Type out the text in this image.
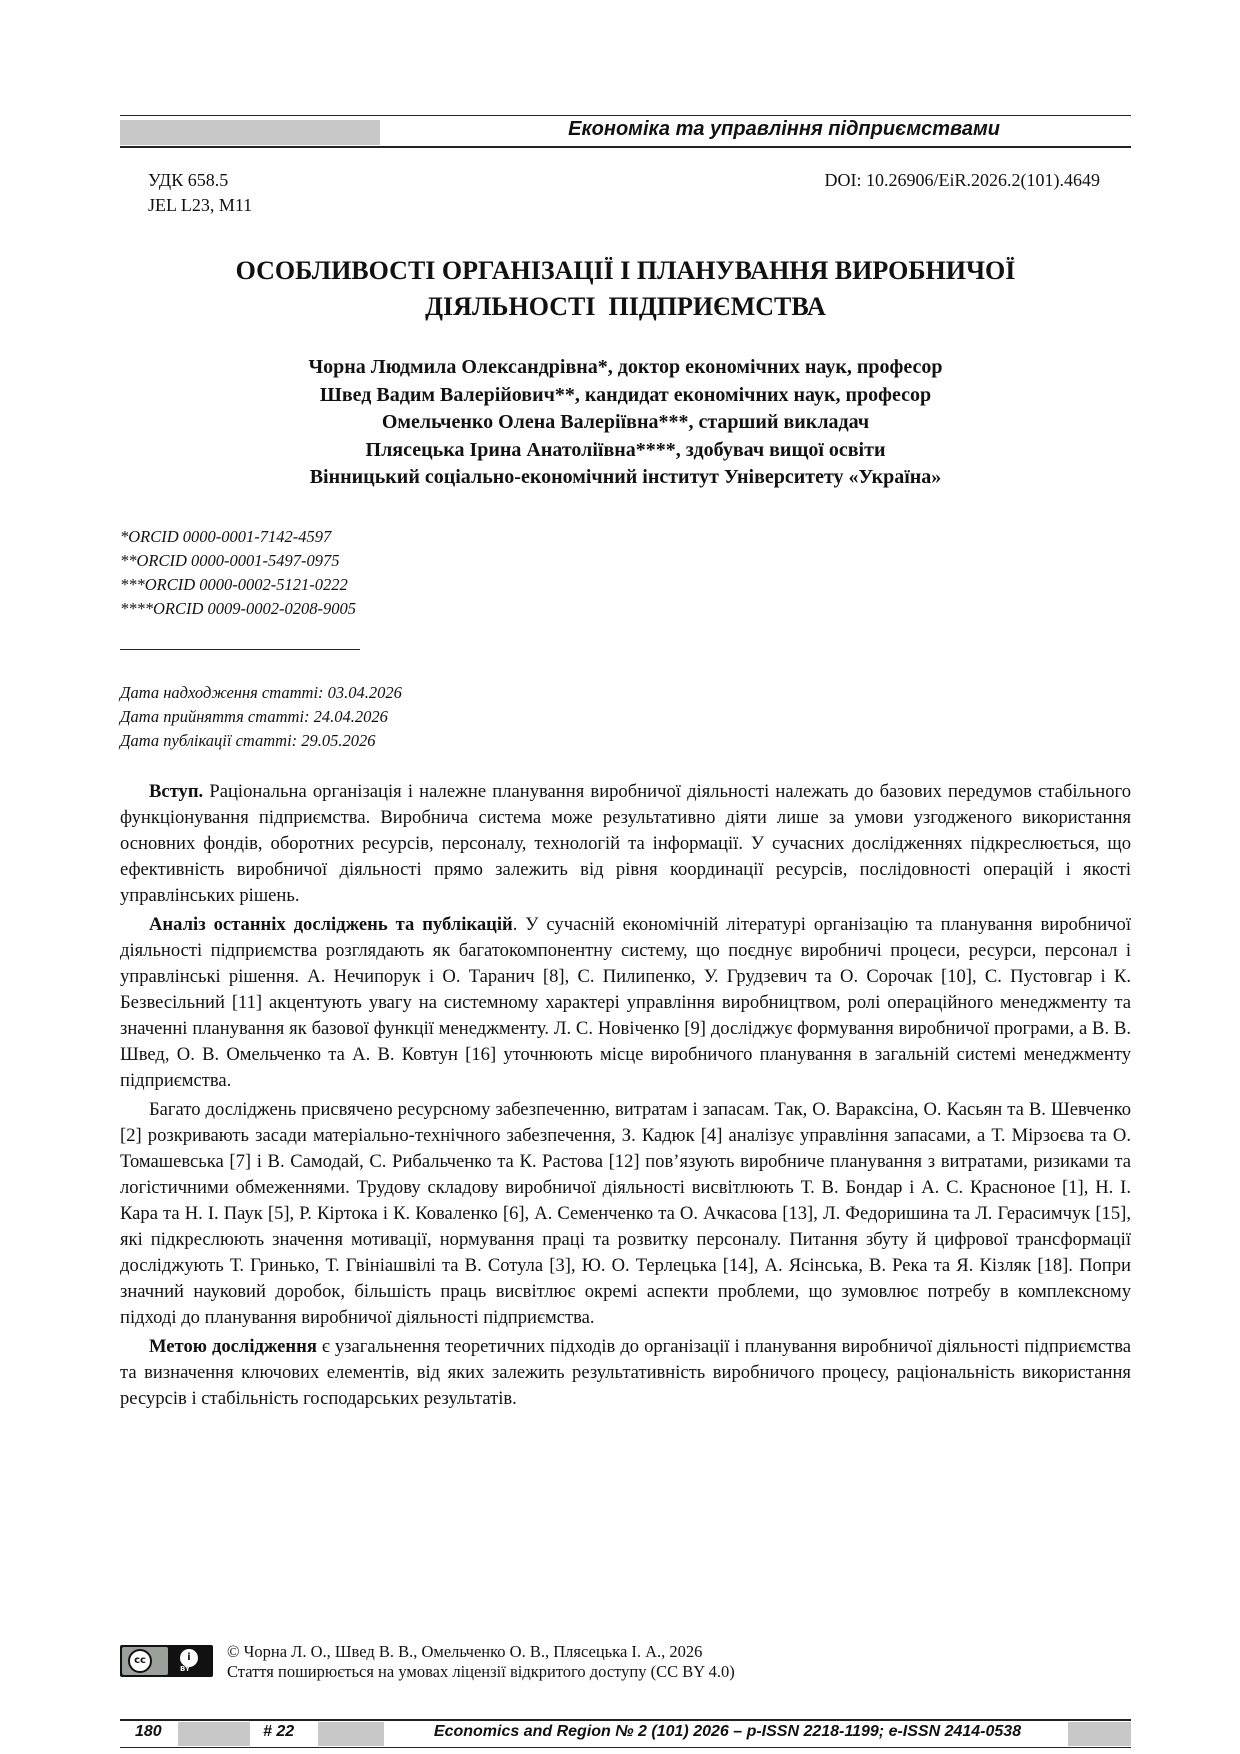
Економіка та управління підприємствами
УДК 658.5
JEL L23, M11
DOI: 10.26906/EiR.2026.2(101).4649
ОСОБЛИВОСТІ ОРГАНІЗАЦІЇ І ПЛАНУВАННЯ ВИРОБНИЧОЇ
ДІЯЛЬНОСТІ  ПІДПРИЄМСТВА
Чорна Людмила Олександрівна*, доктор економічних наук, професор
Швед Вадим Валерійович**, кандидат економічних наук, професор
Омельченко Олена Валеріївна***, старший викладач
Плясецька Ірина Анатоліївна****, здобувач вищої освіти
Вінницький соціально-економічний інститут Університету «Україна»
*ORCID 0000-0001-7142-4597
**ORCID 0000-0001-5497-0975
***ORCID 0000-0002-5121-0222
****ORCID 0009-0002-0208-9005
Дата надходження статті: 03.04.2026
Дата прийняття статті: 24.04.2026
Дата публікації статті: 29.05.2026

Вступ. Раціональна організація і належне планування виробничої діяльності належать до базових передумов стабільного функціонування підприємства. Виробнича система може результативно діяти лише за умови узгодженого використання основних фондів, оборотних ресурсів, персоналу, технологій та інформації. У сучасних дослідженнях підкреслюється, що ефективність виробничої діяльності прямо залежить від рівня координації ресурсів, послідовності операцій і якості управлінських рішень.

Аналіз останніх досліджень та публікацій. У сучасній економічній літературі організацію та планування виробничої діяльності підприємства розглядають як багатокомпонентну систему, що поєднує виробничі процеси, ресурси, персонал і управлінські рішення. А. Нечипорук і О. Таранич [8], С. Пилипенко, У. Грудзевич та О. Сорочак [10], С. Пустовгар і К. Безвесільний [11] акцентують увагу на системному характері управління виробництвом, ролі операційного менеджменту та значенні планування як базової функції менеджменту. Л. С. Новіченко [9] досліджує формування виробничої програми, а В. В. Швед, О. В. Омельченко та А. В. Ковтун [16] уточнюють місце виробничого планування в загальній системі менеджменту підприємства.

Багато досліджень присвячено ресурсному забезпеченню, витратам і запасам. Так, О. Вараксіна, О. Касьян та В. Шевченко [2] розкривають засади матеріально-технічного забезпечення, З. Кадюк [4] аналізує управління запасами, а Т. Мірзоєва та О. Томашевська [7] і В. Самодай, С. Рибальченко та К. Растова [12] пов’язують виробниче планування з витратами, ризиками та логістичними обмеженнями. Трудову складову виробничої діяльності висвітлюють Т. В. Бондар і А. С. Красноное [1], Н. І. Кара та Н. І. Паук [5], Р. Кіртока і К. Коваленко [6], А. Семенченко та О. Ачкасова [13], Л. Федоришина та Л. Герасимчук [15], які підкреслюють значення мотивації, нормування праці та розвитку персоналу. Питання збуту й цифрової трансформації досліджують Т. Гринько, Т. Гвініашвілі та В. Сотула [3], Ю. О. Терлецька [14], А. Ясінська, В. Река та Я. Кізляк [18]. Попри значний науковий доробок, більшість праць висвітлює окремі аспекти проблеми, що зумовлює потребу в комплексному підході до планування виробничої діяльності підприємства.

Метою дослідження є узагальнення теоретичних підходів до організації і планування виробничої діяльності підприємства та визначення ключових елементів, від яких залежить результативність виробничого процесу, раціональність використання ресурсів і стабільність господарських результатів.

cc	i
BY
© Чорна Л. О., Швед В. В., Омельченко О. В., Плясецька І. А., 2026
Стаття поширюється на умовах ліцензії відкритого доступу (CC BY 4.0)
180	# 22	Economics and Region № 2 (101) 2026 – p-ISSN 2218-1199; e-ISSN 2414-0538
